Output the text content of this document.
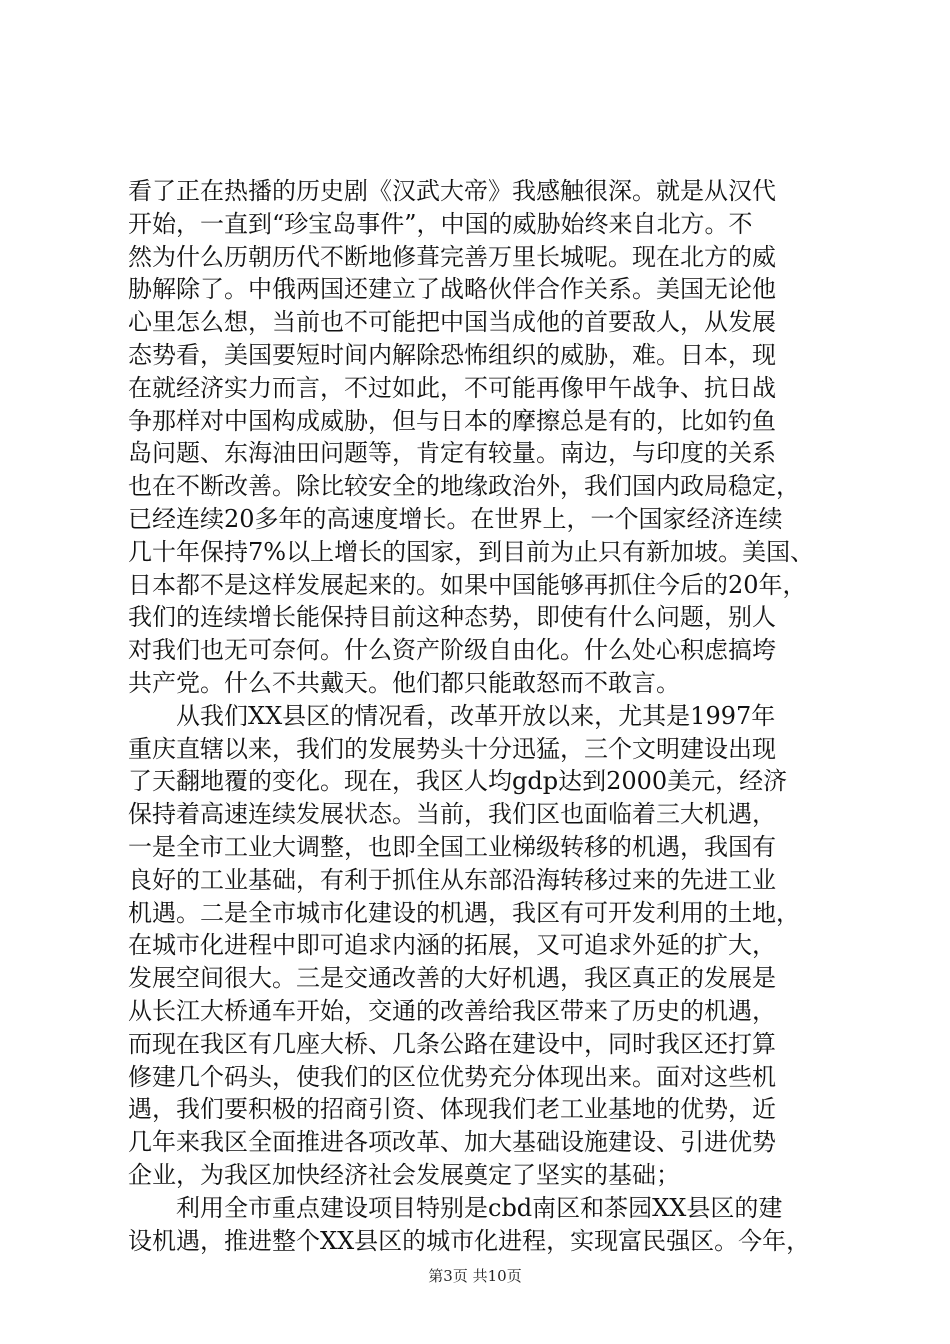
看了正在热播的历史剧《汉武大帝》我感触很深。就是从汉代
开始，一直到“珍宝岛事件”，中国的威胁始终来自北方。不
然为什么历朝历代不断地修葺完善万里长城呢。现在北方的威
胁解除了。中俄两国还建立了战略伙伴合作关系。美国无论他
心里怎么想，当前也不可能把中国当成他的首要敌人，从发展
态势看，美国要短时间内解除恐怖组织的威胁，难。日本，现
在就经济实力而言，不过如此，不可能再像甲午战争、抗日战
争那样对中国构成威胁，但与日本的摩擦总是有的，比如钓鱼
岛问题、东海油田问题等，肯定有较量。南边，与印度的关系
也在不断改善。除比较安全的地缘政治外，我们国内政局稳定，
已经连续20多年的高速度增长。在世界上，一个国家经济连续
几十年保持7%以上增长的国家，到目前为止只有新加坡。美国、
日本都不是这样发展起来的。如果中国能够再抓住今后的20年，
我们的连续增长能保持目前这种态势，即使有什么问题，别人
对我们也无可奈何。什么资产阶级自由化。什么处心积虑搞垮
共产党。什么不共戴天。他们都只能敢怒而不敢言。
　　从我们XX县区的情况看，改革开放以来，尤其是1997年
重庆直辖以来，我们的发展势头十分迅猛，三个文明建设出现
了天翻地覆的变化。现在，我区人均gdp达到2000美元，经济
保持着高速连续发展状态。当前，我们区也面临着三大机遇，
一是全市工业大调整，也即全国工业梯级转移的机遇，我国有
良好的工业基础，有利于抓住从东部沿海转移过来的先进工业
机遇。二是全市城市化建设的机遇，我区有可开发利用的土地，
在城市化进程中即可追求内涵的拓展，又可追求外延的扩大，
发展空间很大。三是交通改善的大好机遇，我区真正的发展是
从长江大桥通车开始，交通的改善给我区带来了历史的机遇，
而现在我区有几座大桥、几条公路在建设中，同时我区还打算
修建几个码头，使我们的区位优势充分体现出来。面对这些机
遇，我们要积极的招商引资、体现我们老工业基地的优势，近
几年来我区全面推进各项改革、加大基础设施建设、引进优势
企业，为我区加快经济社会发展奠定了坚实的基础；
　　利用全市重点建设项目特别是cbd南区和茶园XX县区的建
设机遇，推进整个XX县区的城市化进程，实现富民强区。今年，
第3页 共10页
